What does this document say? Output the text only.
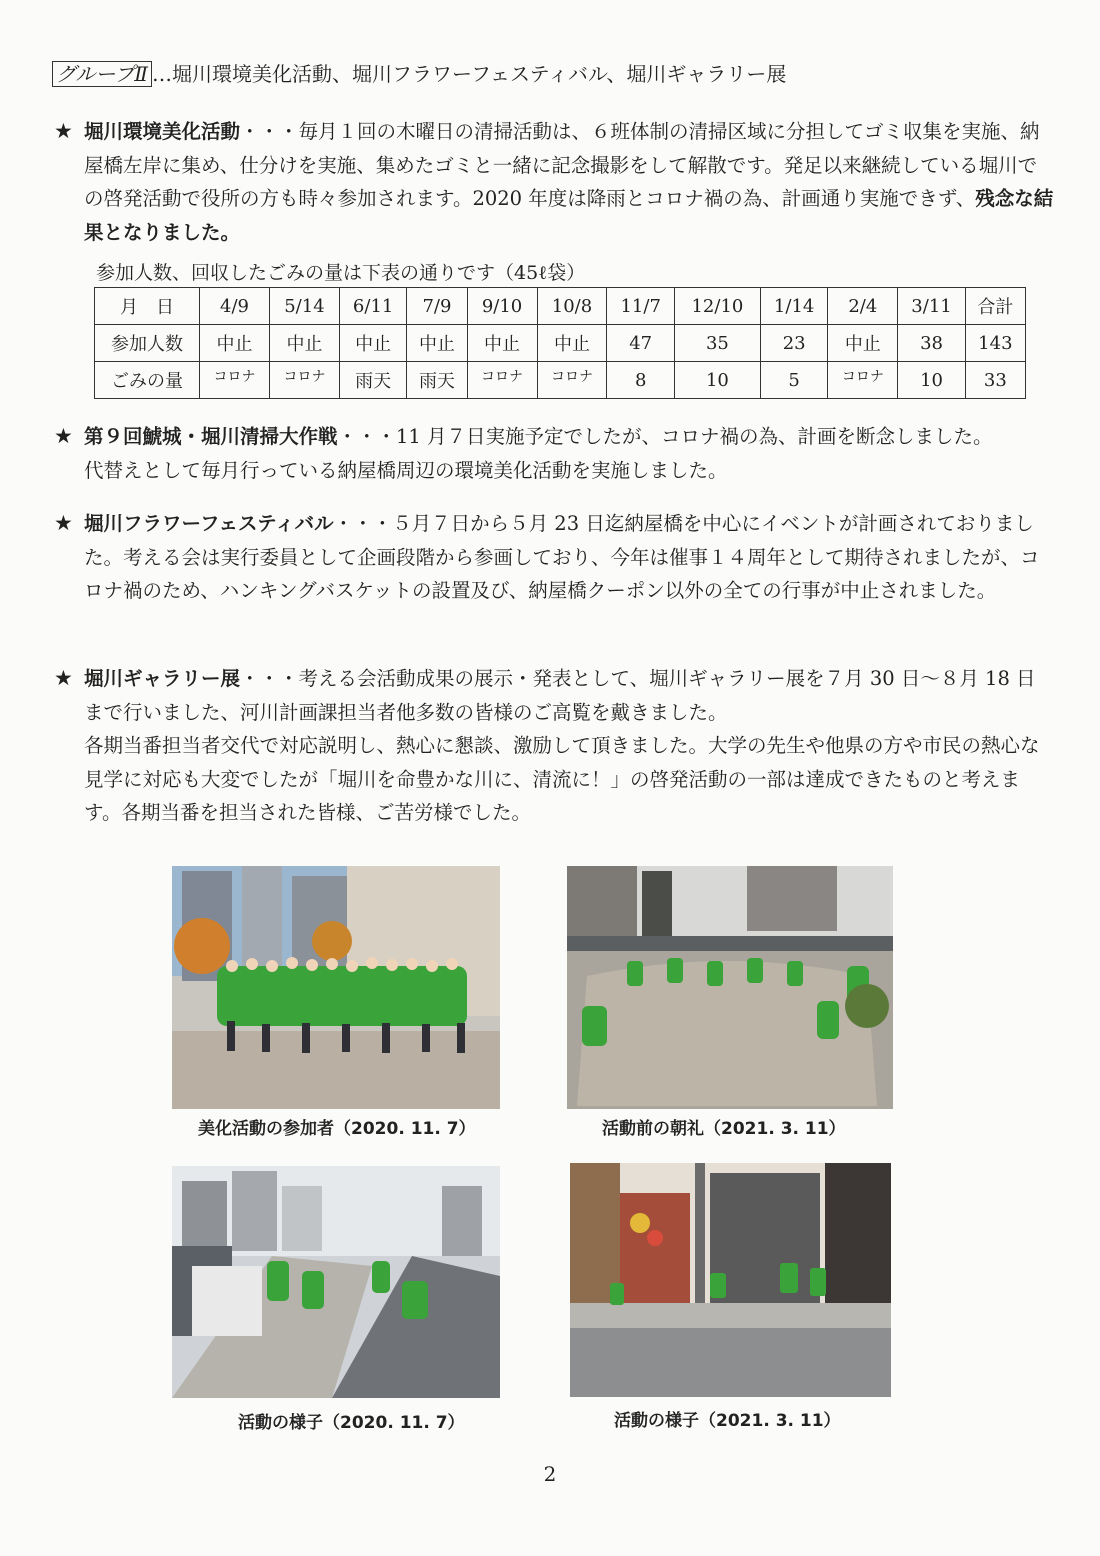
グループⅡ …堀川環境美化活動、堀川フラワーフェスティバル、堀川ギャラリー展
★ 堀川環境美化活動・・・毎月１回の木曜日の清掃活動は、６班体制の清掃区域に分担してゴミ収集を実施、納屋橋左岸に集め、仕分けを実施、集めたゴミと一緒に記念撮影をして解散です。発足以来継続している堀川での啓発活動で役所の方も時々参加されます。2020 年度は降雨とコロナ禍の為、計画通り実施できず、残念な結果となりました。
参加人数、回収したごみの量は下表の通りです（45ℓ袋）
月　日	4/9	5/14	6/11	7/9	9/10	10/8	11/7	12/10	1/14	2/4	3/11	合計
参加人数	中止	中止	中止	中止	中止	中止	47	35	23	中止	38	143
ごみの量	コロナ	コロナ	雨天	雨天	コロナ	コロナ	8	10	5	コロナ	10	33
★ 第９回鯱城・堀川清掃大作戦・・・11 月７日実施予定でしたが、コロナ禍の為、計画を断念しました。
代替えとして毎月行っている納屋橋周辺の環境美化活動を実施しました。
★ 堀川フラワーフェスティバル・・・５月７日から５月 23 日迄納屋橋を中心にイベントが計画されておりました。考える会は実行委員として企画段階から参画しており、今年は催事１４周年として期待されましたが、コロナ禍のため、ハンキングバスケットの設置及び、納屋橋クーポン以外の全ての行事が中止されました。
★ 堀川ギャラリー展・・・考える会活動成果の展示・発表として、堀川ギャラリー展を７月 30 日～８月 18 日まで行いました、河川計画課担当者他多数の皆様のご高覧を戴きました。
各期当番担当者交代で対応説明し、熱心に懇談、激励して頂きました。大学の先生や他県の方や市民の熱心な見学に対応も大変でしたが「堀川を命豊かな川に、清流に！」の啓発活動の一部は達成できたものと考えます。各期当番を担当された皆様、ご苦労様でした。
美化活動の参加者（2020. 11. 7）	活動前の朝礼（2021. 3. 11）
活動の様子（2020. 11. 7）	活動の様子（2021. 3. 11）
2
